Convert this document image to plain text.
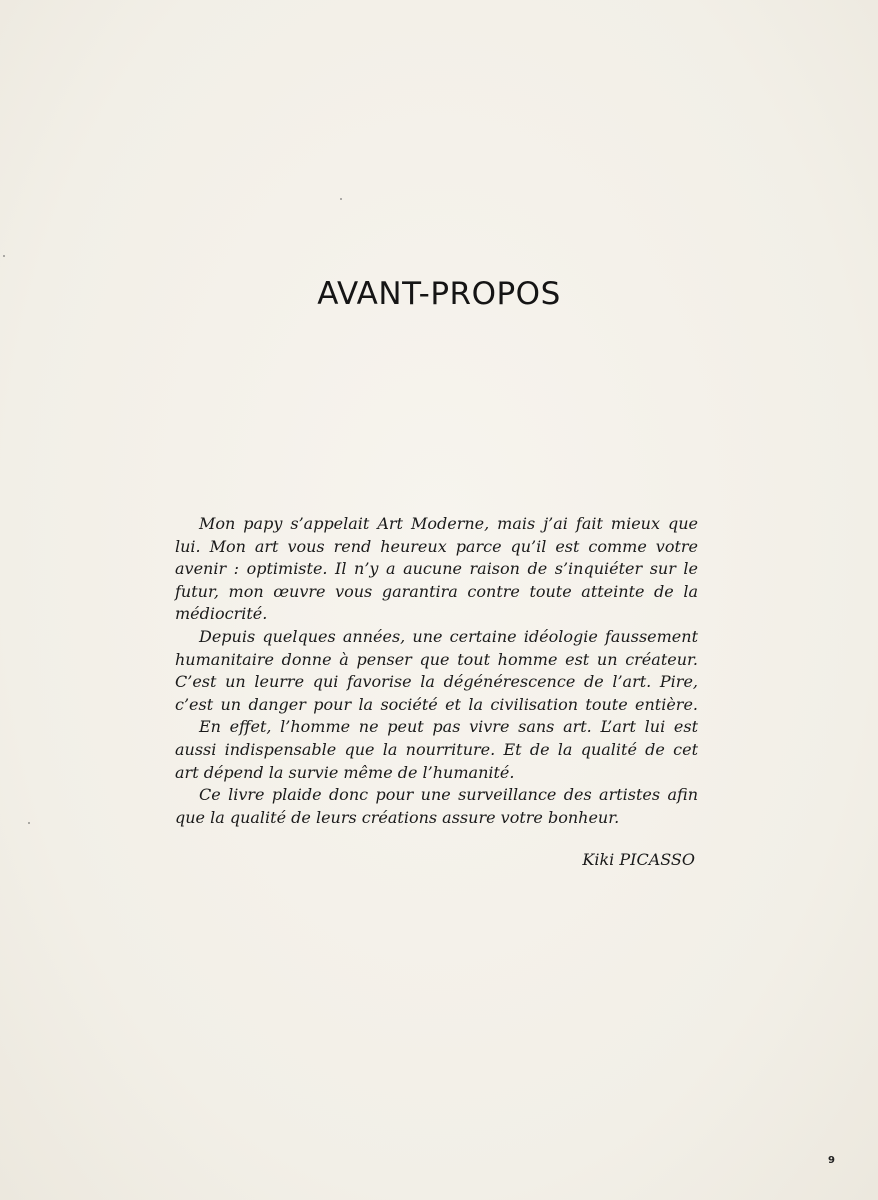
AVANT-PROPOS
Mon papy s’appelait Art Moderne, mais j’ai fait mieux que
lui. Mon art vous rend heureux parce qu’il est comme votre
avenir : optimiste. Il n’y a aucune raison de s’inquiéter sur le
futur, mon œuvre vous garantira contre toute atteinte de la
médiocrité.
Depuis quelques années, une certaine idéologie faussement
humanitaire donne à penser que tout homme est un créateur.
C’est un leurre qui favorise la dégénérescence de l’art. Pire,
c’est un danger pour la société et la civilisation toute entière.
En effet, l’homme ne peut pas vivre sans art. L’art lui est
aussi indispensable que la nourriture. Et de la qualité de cet
art dépend la survie même de l’humanité.
Ce livre plaide donc pour une surveillance des artistes afin
que la qualité de leurs créations assure votre bonheur.

Kiki PICASSO

9
